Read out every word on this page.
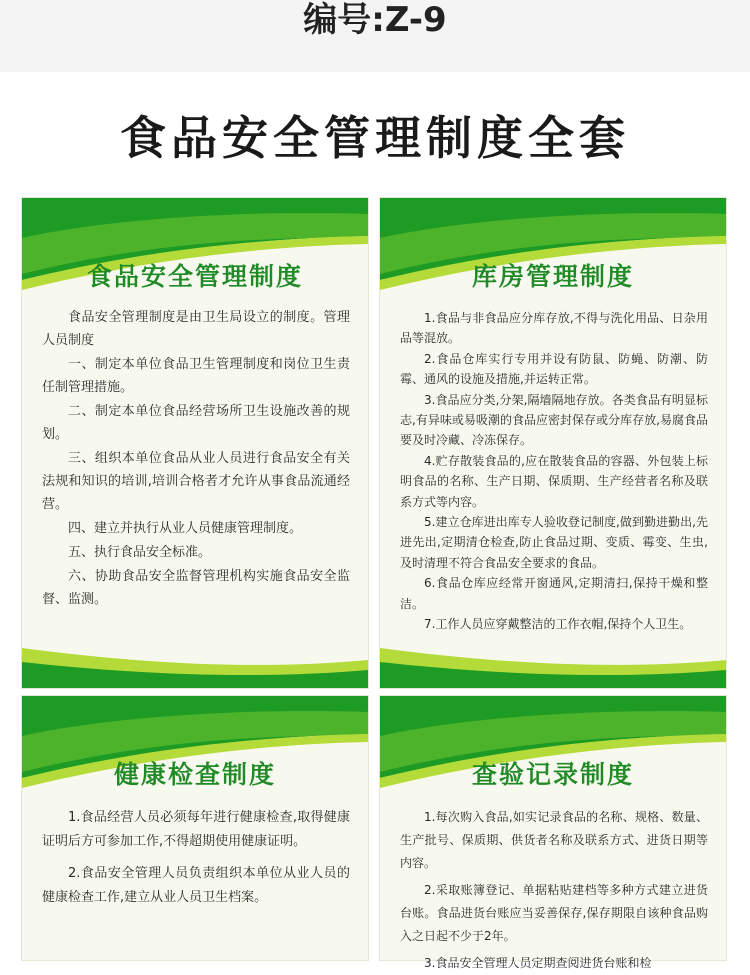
编号:Z-9
食品安全管理制度全套
食品安全管理制度

食品安全管理制度是由卫生局设立的制度。管理人员制度

一、制定本单位食品卫生管理制度和岗位卫生责任制管理措施。

二、制定本单位食品经营场所卫生设施改善的规划。

三、组织本单位食品从业人员进行食品安全有关法规和知识的培训,培训合格者才允许从事食品流通经营。

四、建立并执行从业人员健康管理制度。

五、执行食品安全标准。

六、协助食品安全监督管理机构实施食品安全监督、监测。

库房管理制度

1.食品与非食品应分库存放,不得与洗化用品、日杂用品等混放。

2.食品仓库实行专用并设有防鼠、防蝇、防潮、防霉、通风的设施及措施,并运转正常。

3.食品应分类,分架,隔墙隔地存放。各类食品有明显标志,有异味或易吸潮的食品应密封保存或分库存放,易腐食品要及时冷藏、冷冻保存。

4.贮存散装食品的,应在散装食品的容器、外包装上标明食品的名称、生产日期、保质期、生产经营者名称及联系方式等内容。

5.建立仓库进出库专人验收登记制度,做到勤进勤出,先进先出,定期清仓检查,防止食品过期、变质、霉变、生虫,及时清理不符合食品安全要求的食品。

6.食品仓库应经常开窗通风,定期清扫,保持干燥和整洁。

7.工作人员应穿戴整洁的工作衣帽,保持个人卫生。

健康检查制度

1.食品经营人员必须每年进行健康检查,取得健康证明后方可参加工作,不得超期使用健康证明。

2.食品安全管理人员负责组织本单位从业人员的健康检查工作,建立从业人员卫生档案。

查验记录制度

1.每次购入食品,如实记录食品的名称、规格、数量、生产批号、保质期、供货者名称及联系方式、进货日期等内容。

2.采取账簿登记、单据粘贴建档等多种方式建立进货台账。食品进货台账应当妥善保存,保存期限自该种食品购入之日起不少于2年。

3.食品安全管理人员定期查阅进货台账和检
